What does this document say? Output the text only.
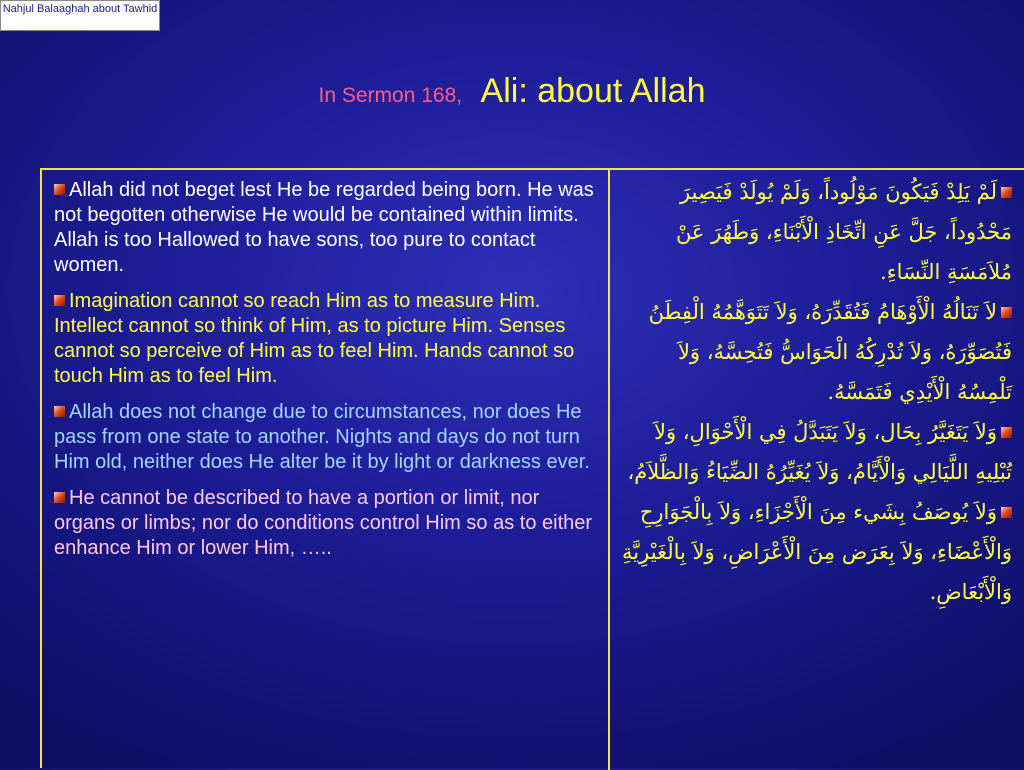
Nahjul Balaaghah about Tawhid
In Sermon 168, Ali: about Allah

Allah did not beget lest He be regarded being born. He was not begotten otherwise He would be contained within limits. Allah is too Hallowed to have sons, too pure to contact women.

Imagination cannot so reach Him as to measure Him. Intellect cannot so think of Him, as to picture Him. Senses cannot so perceive of Him as to feel Him. Hands cannot so touch Him as to feel Him.

Allah does not change due to circumstances, nor does He pass from one state to another. Nights and days do not turn Him old, neither does He alter be it by light or darkness ever.

He cannot be described to have a portion or limit, nor organs or limbs; nor do conditions control Him so as to either enhance Him or lower Him, …..

لَمْ يَلِدْ فَيَكُونَ مَوْلُوداً، وَلَمْ يُولَدْ فَيَصِيرَ مَحْدُوداً، جَلَّ عَنِ اتِّخَاذِ الْأَبْنَاءِ، وَطَهُرَ عَنْ مُلاَمَسَةِ النِّسَاءِ.

لاَ تَنَالُهُ الْأَوْهَامُ فَتُقَدِّرَهُ، وَلاَ تَتَوَهَّمُهُ الْفِطَنُ فَتُصَوِّرَهُ، وَلاَ تُدْرِكُهُ الْحَوَاسُّ فَتُحِسَّهُ، وَلاَ تَلْمِسُهُ الْأَيْدِي فَتَمَسَّهُ.

وَلاَ يَتَغَيَّرُ بِحَال، وَلاَ يَتَبَدَّلُ فِي الْأَحْوَالِ، وَلاَ تُبْلِيهِ اللَّيَالِي وَالْأَيَّامُ، وَلاَ يُغَيِّرُهُ الضِّيَاءُ وَالظَّلاَمُ،

وَلاَ يُوصَفُ بِشَيء مِنَ الْأَجْزَاءِ، وَلاَ بِالْجَوَارِحِ وَالْأَعْضَاءِ، وَلاَ بِعَرَض مِنَ الْأَعْرَاضِ، وَلاَ بِالْغَيْرِيَّةِ وَالْأَبْعَاضِ.
